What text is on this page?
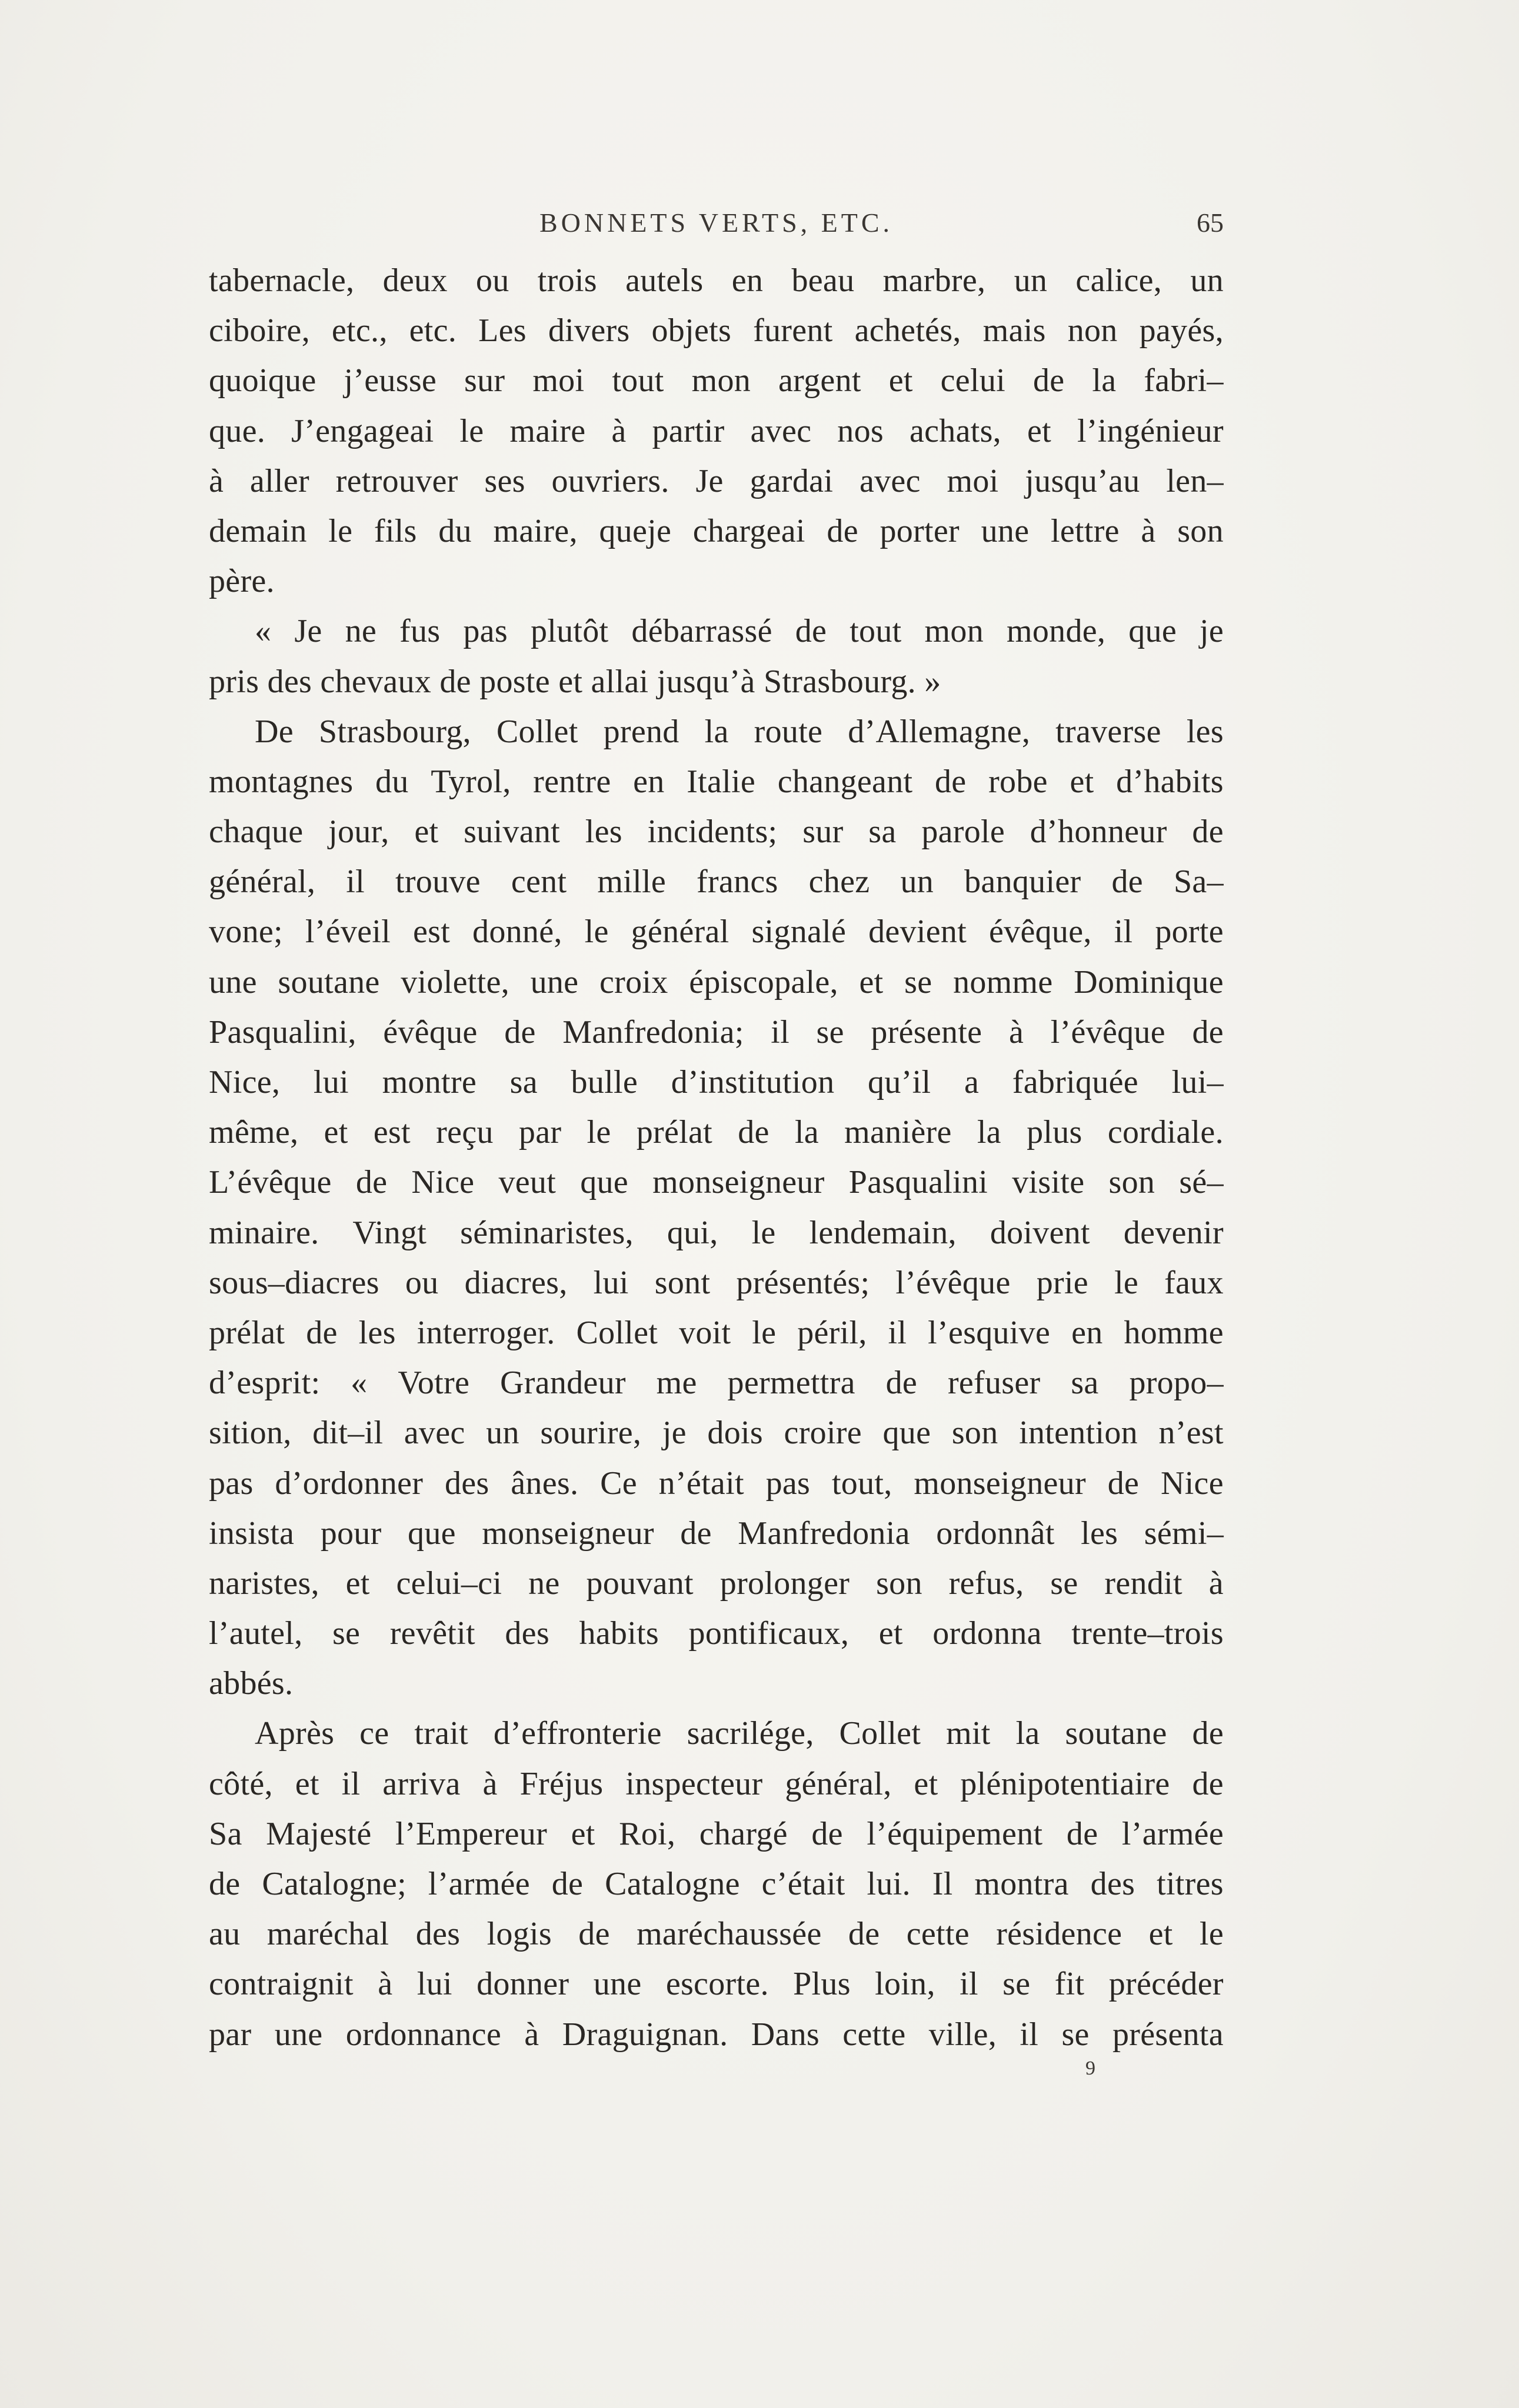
BONNETS VERTS, ETC.	65
tabernacle, deux ou trois autels en beau marbre, un calice, un
ciboire, etc., etc. Les divers objets furent achetés, mais non payés,
quoique j’eusse sur moi tout mon argent et celui de la fabri–
que. J’engageai le maire à partir avec nos achats, et l’ingénieur
à aller retrouver ses ouvriers. Je gardai avec moi jusqu’au len–
demain le fils du maire, queje chargeai de porter une lettre à son
père.
« Je ne fus pas plutôt débarrassé de tout mon monde, que je
pris
des
chevaux
de
poste
et
allai
jusqu’à
Strasbourg.
»
De Strasbourg, Collet prend la route d’Allemagne, traverse les
montagnes du Tyrol, rentre en Italie changeant de robe et d’habits
chaque jour, et suivant les incidents; sur sa parole d’honneur de
général, il trouve cent mille francs chez un banquier de Sa–
vone; l’éveil est donné, le général signalé devient évêque, il porte
une soutane violette, une croix épiscopale, et se nomme Dominique
Pasqualini, évêque de Manfredonia; il se présente à l’évêque de
Nice, lui montre sa bulle d’institution qu’il a fabriquée lui–
même, et est reçu par le prélat de la manière la plus cordiale.
L’évêque de Nice veut que monseigneur Pasqualini visite son sé–
minaire. Vingt séminaristes, qui, le lendemain, doivent devenir
sous–diacres ou diacres, lui sont présentés; l’évêque prie le faux
prélat de les interroger. Collet voit le péril, il l’esquive en homme
d’esprit: « Votre Grandeur me permettra de refuser sa propo–
sition, dit–il avec un sourire, je dois croire que son intention n’est
pas d’ordonner des ânes. Ce n’était pas tout, monseigneur de Nice
insista pour que monseigneur de Manfredonia ordonnât les sémi–
naristes, et celui–ci ne pouvant prolonger son refus, se rendit à
l’autel, se revêtit des habits pontificaux, et ordonna trente–trois
abbés.
Après ce trait d’effronterie sacrilége, Collet mit la soutane de
côté, et il arriva à Fréjus inspecteur général, et plénipotentiaire de
Sa Majesté l’Empereur et Roi, chargé de l’équipement de l’armée
de Catalogne; l’armée de Catalogne c’était lui. Il montra des titres
au maréchal des logis de maréchaussée de cette résidence et le
contraignit à lui donner une escorte. Plus loin, il se fit précéder
par une ordonnance à Draguignan. Dans cette ville, il se présenta
9
